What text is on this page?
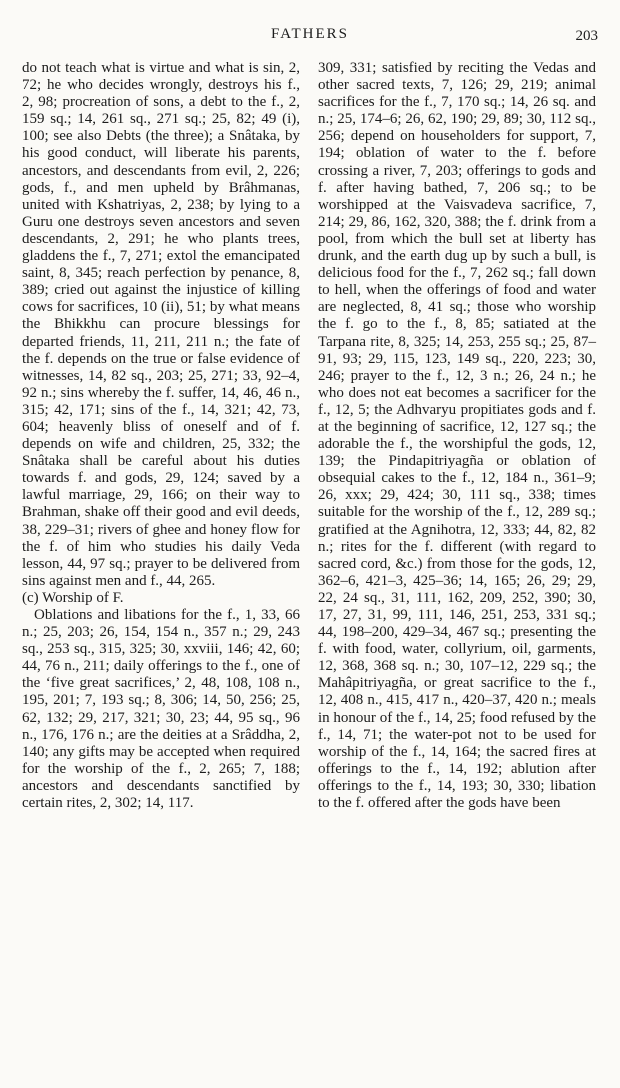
FATHERS	203

do not teach what is virtue and what is sin, 2, 72; he who decides wrongly, destroys his f., 2, 98; procreation of sons, a debt to the f., 2, 159 sq.; 14, 261 sq., 271 sq.; 25, 82; 49 (i), 100; see also Debts (the three); a Snâtaka, by his good conduct, will liberate his parents, ancestors, and descendants from evil, 2, 226; gods, f., and men upheld by Brâhmanas, united with Kshatriyas, 2, 238; by lying to a Guru one destroys seven ancestors and seven descendants, 2, 291; he who plants trees, gladdens the f., 7, 271; extol the emancipated saint, 8, 345; reach perfection by penance, 8, 389; cried out against the injustice of killing cows for sacrifices, 10 (ii), 51; by what means the Bhikkhu can procure blessings for departed friends, 11, 211, 211 n.; the fate of the f. depends on the true or false evidence of witnesses, 14, 82 sq., 203; 25, 271; 33, 92–4, 92 n.; sins whereby the f. suffer, 14, 46, 46 n., 315; 42, 171; sins of the f., 14, 321; 42, 73, 604; heavenly bliss of oneself and of f. depends on wife and children, 25, 332; the Snâtaka shall be careful about his duties towards f. and gods, 29, 124; saved by a lawful marriage, 29, 166; on their way to Brahman, shake off their good and evil deeds, 38, 229–31; rivers of ghee and honey flow for the f. of him who studies his daily Veda lesson, 44, 97 sq.; prayer to be delivered from sins against men and f., 44, 265.

(c) Worship of F.

Oblations and libations for the f., 1, 33, 66 n.; 25, 203; 26, 154, 154 n., 357 n.; 29, 243 sq., 253 sq., 315, 325; 30, xxviii, 146; 42, 60; 44, 76 n., 211; daily offerings to the f., one of the ‘five great sacrifices,’ 2, 48, 108, 108 n., 195, 201; 7, 193 sq.; 8, 306; 14, 50, 256; 25, 62, 132; 29, 217, 321; 30, 23; 44, 95 sq., 96 n., 176, 176 n.; are the deities at a Srâddha, 2, 140; any gifts may be accepted when required for the worship of the f., 2, 265; 7, 188; ancestors and descendants sanctified by certain rites, 2, 302; 14, 117.

309, 331; satisfied by reciting the Vedas and other sacred texts, 7, 126; 29, 219; animal sacrifices for the f., 7, 170 sq.; 14, 26 sq. and n.; 25, 174–6; 26, 62, 190; 29, 89; 30, 112 sq., 256; depend on householders for support, 7, 194; oblation of water to the f. before crossing a river, 7, 203; offerings to gods and f. after having bathed, 7, 206 sq.; to be worshipped at the Vaisvadeva sacrifice, 7, 214; 29, 86, 162, 320, 388; the f. drink from a pool, from which the bull set at liberty has drunk, and the earth dug up by such a bull, is delicious food for the f., 7, 262 sq.; fall down to hell, when the offerings of food and water are neglected, 8, 41 sq.; those who worship the f. go to the f., 8, 85; satiated at the Tarpana rite, 8, 325; 14, 253, 255 sq.; 25, 87–91, 93; 29, 115, 123, 149 sq., 220, 223; 30, 246; prayer to the f., 12, 3 n.; 26, 24 n.; he who does not eat becomes a sacrificer for the f., 12, 5; the Adhvaryu propitiates gods and f. at the beginning of sacrifice, 12, 127 sq.; the adorable the f., the worshipful the gods, 12, 139; the Pindapitriyagña or oblation of obsequial cakes to the f., 12, 184 n., 361–9; 26, xxx; 29, 424; 30, 111 sq., 338; times suitable for the worship of the f., 12, 289 sq.; gratified at the Agnihotra, 12, 333; 44, 82, 82 n.; rites for the f. different (with regard to sacred cord, &c.) from those for the gods, 12, 362–6, 421–3, 425–36; 14, 165; 26, 29; 29, 22, 24 sq., 31, 111, 162, 209, 252, 390; 30, 17, 27, 31, 99, 111, 146, 251, 253, 331 sq.; 44, 198–200, 429–34, 467 sq.; presenting the f. with food, water, collyrium, oil, garments, 12, 368, 368 sq. n.; 30, 107–12, 229 sq.; the Mahâpitriyagña, or great sacrifice to the f., 12, 408 n., 415, 417 n., 420–37, 420 n.; meals in honour of the f., 14, 25; food refused by the f., 14, 71; the water-pot not to be used for worship of the f., 14, 164; the sacred fires at offerings to the f., 14, 192; ablution after offerings to the f., 14, 193; 30, 330; libation to the f. offered after the gods have been
